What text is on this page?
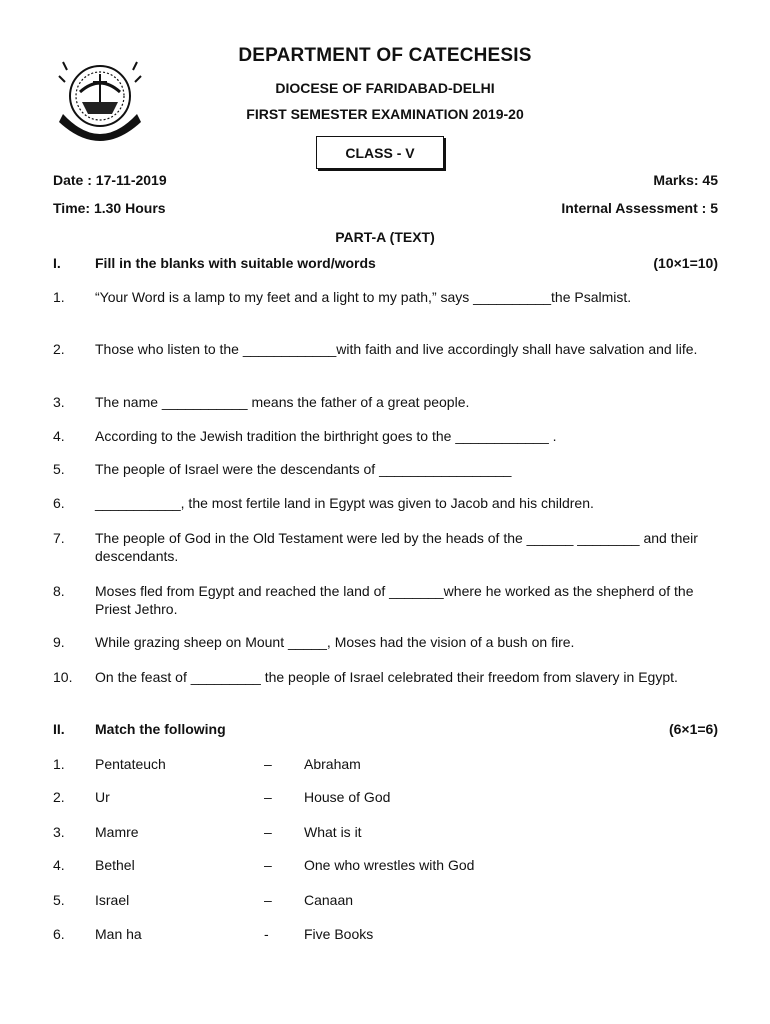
DEPARTMENT OF CATECHESIS
DIOCESE OF FARIDABAD-DELHI
FIRST SEMESTER EXAMINATION 2019-20
CLASS - V
Date : 17-11-2019	Marks: 45
Time: 1.30 Hours	Internal Assessment : 5
PART-A (TEXT)
I. Fill in the blanks with suitable word/words	(10×1=10)
1. “Your Word is a lamp to my feet and a light to my path,” says __________the Psalmist.
2. Those who listen to the ____________with faith and live accordingly shall have salvation and life.
3. The name ___________ means the father of a great people.
4. According to the Jewish tradition the birthright goes to the ____________ .
5. The people of Israel were the descendants of _________________
6. ___________, the most fertile land in Egypt was given to Jacob and his children.
7. The people of God in the Old Testament were led by the heads of the ______ ________ and their descendants.
8. Moses fled from Egypt and reached the land of _______where he worked as the shepherd of the Priest Jethro.
9. While grazing sheep on Mount _____, Moses had the vision of a bush on fire.
10. On the feast of _________ the people of Israel celebrated their freedom from slavery in Egypt.
II. Match the following	(6×1=6)
1. Pentateuch	– Abraham
2. Ur	– House of God
3. Mamre	– What is it
4. Bethel	– One who wrestles with God
5. Israel	– Canaan
6. Man ha	-	Five Books
